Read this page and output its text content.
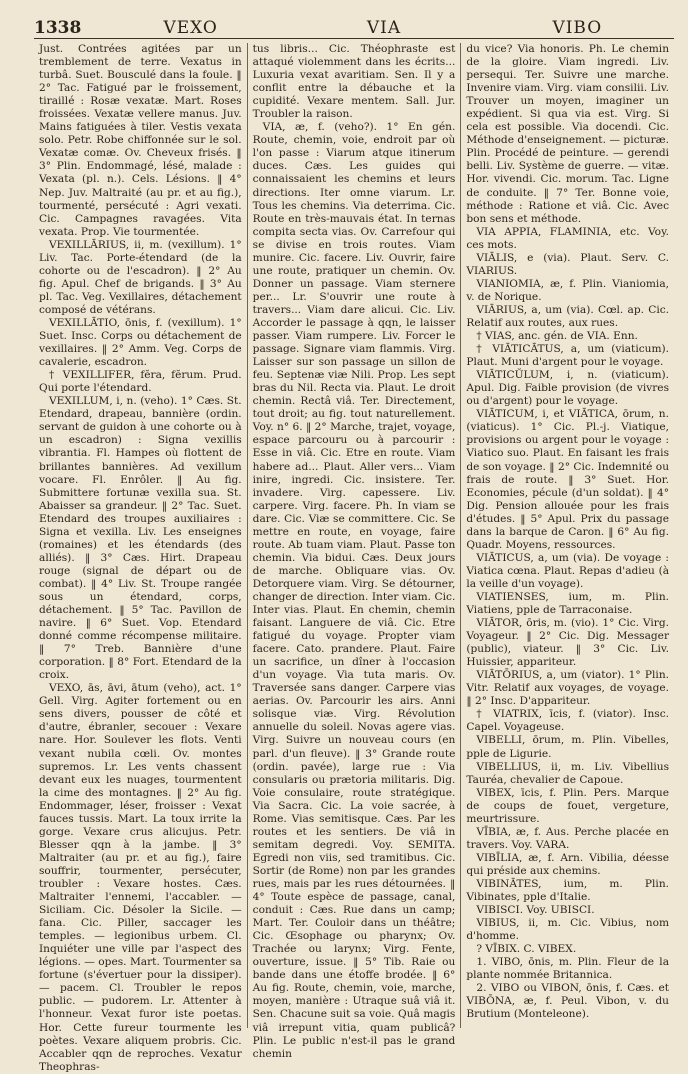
1338	VEXO	VIA	VIBO

Just. Contrées agitées par un tremblement de terre. Vexatus in turbâ. Suet. Bousculé dans la foule. ‖ 2° Tac. Fatigué par le froissement, tiraillé : Rosæ vexatæ. Mart. Roses froissées. Vexatæ vellere manus. Juv. Mains fatiguées à tiler. Vestis vexata solo. Petr. Robe chiffonnée sur le sol. Vexatæ comæ. Ov. Cheveux frisés. ‖ 3° Plin. Endommagé, lésé, malade : Vexata (pl. n.). Cels. Lésions. ‖ 4° Nep. Juv. Maltraité (au pr. et au fig.), tourmenté, persécuté : Agri vexati. Cic. Campagnes ravagées. Vita vexata. Prop. Vie tourmentée.

VEXILLĀRIUS, ii, m. (vexillum). 1° Liv. Tac. Porte-étendard (de la cohorte ou de l'escadron). ‖ 2° Au fig. Apul. Chef de brigands. ‖ 3° Au pl. Tac. Veg. Vexillaires, détachement composé de vétérans.

VEXILLĀTIO, ōnis, f. (vexillum). 1° Suet. Insc. Corps ou détachement de vexillaires. ‖ 2° Amm. Veg. Corps de cavalerie, escadron.

† VEXILLIFER, fĕra, fĕrum. Prud. Qui porte l'étendard.

VEXILLUM, i, n. (veho). 1° Cæs. St. Etendard, drapeau, bannière (ordin. servant de guidon à une cohorte ou à un escadron) : Signa vexillis vibrantia. Fl. Hampes où flottent de brillantes bannières. Ad vexillum vocare. Fl. Enrôler. ‖ Au fig. Submittere fortunæ vexilla sua. St. Abaisser sa grandeur. ‖ 2° Tac. Suet. Etendard des troupes auxiliaires : Signa et vexilla. Liv. Les enseignes (romaines) et les étendards (des alliés). ‖ 3° Cæs. Hirt. Drapeau rouge (signal de départ ou de combat). ‖ 4° Liv. St. Troupe rangée sous un étendard, corps, détachement. ‖ 5° Tac. Pavillon de navire. ‖ 6° Suet. Vop. Etendard donné comme récompense militaire. ‖ 7° Treb. Bannière d'une corporation. ‖ 8° Fort. Etendard de la croix.

VEXO, ās, āvi, ātum (veho), act. 1° Gell. Virg. Agiter fortement ou en sens divers, pousser de côté et d'autre, ébranler, secouer : Vexare nare. Hor. Soulever les flots. Venti vexant nubila cœli. Ov. montes supremos. Lr. Les vents chassent devant eux les nuages, tourmentent la cime des montagnes. ‖ 2° Au fig. Endommager, léser, froisser : Vexat fauces tussis. Mart. La toux irrite la gorge. Vexare crus alicujus. Petr. Blesser qqn à la jambe. ‖ 3° Maltraiter (au pr. et au fig.), faire souffrir, tourmenter, persécuter, troubler : Vexare hostes. Cæs. Maltraiter l'ennemi, l'accabler. — Siciliam. Cic. Désoler la Sicile. — fana. Cic. Piller, saccager les temples. — legionibus urbem. Cl. Inquiéter une ville par l'aspect des légions. — opes. Mart. Tourmenter sa fortune (s'évertuer pour la dissiper). — pacem. Cl. Troubler le repos public. — pudorem. Lr. Attenter à l'honneur. Vexat furor iste poetas. Hor. Cette fureur tourmente les poètes. Vexare aliquem probris. Cic. Accabler qqn de reproches. Vexatur Theophras-

tus libris... Cic. Théophraste est attaqué violemment dans les écrits... Luxuria vexat avaritiam. Sen. Il y a conflit entre la débauche et la cupidité. Vexare mentem. Sall. Jur. Troubler la raison.

VIA, æ, f. (veho?). 1° En gén. Route, chemin, voie, endroit par où l'on passe : Viarum atque itinerum duces. Cæs. Les guides qui connaissaient les chemins et leurs directions. Iter omne viarum. Lr. Tous les chemins. Via deterrima. Cic. Route en très-mauvais état. In ternas compita secta vias. Ov. Carrefour qui se divise en trois routes. Viam munire. Cic. facere. Liv. Ouvrir, faire une route, pratiquer un chemin. Ov. Donner un passage. Viam sternere per... Lr. S'ouvrir une route à travers... Viam dare alicui. Cic. Liv. Accorder le passage à qqn, le laisser passer. Viam rumpere. Liv. Forcer le passage. Signare viam flammis. Virg. Laisser sur son passage un sillon de feu. Septenæ viæ Nili. Prop. Les sept bras du Nil. Recta via. Plaut. Le droit chemin. Rectâ viâ. Ter. Directement, tout droit; au fig. tout naturellement. Voy. n° 6. ‖ 2° Marche, trajet, voyage, espace parcouru ou à parcourir : Esse in viâ. Cic. Etre en route. Viam habere ad... Plaut. Aller vers... Viam inire, ingredi. Cic. insistere. Ter. invadere. Virg. capessere. Liv. carpere. Virg. facere. Ph. In viam se dare. Cic. Viæ se committere. Cic. Se mettre en route, en voyage, faire route. Ab tuam viam. Plaut. Passe ton chemin. Via bidui. Cæs. Deux jours de marche. Obliquare vias. Ov. Detorquere viam. Virg. Se détourner, changer de direction. Inter viam. Cic. Inter vias. Plaut. En chemin, chemin faisant. Languere de viâ. Cic. Etre fatigué du voyage. Propter viam facere. Cato. prandere. Plaut. Faire un sacrifice, un dîner à l'occasion d'un voyage. Via tuta maris. Ov. Traversée sans danger. Carpere vias aerias. Ov. Parcourir les airs. Anni solisque viæ. Virg. Révolution annuelle du soleil. Novas agere vias. Virg. Suivre un nouveau cours (en parl. d'un fleuve). ‖ 3° Grande route (ordin. pavée), large rue : Via consularis ou prætoria militaris. Dig. Voie consulaire, route stratégique. Via Sacra. Cic. La voie sacrée, à Rome. Vias semitisque. Cæs. Par les routes et les sentiers. De viâ in semitam degredi. Voy. SEMITA. Egredi non viis, sed tramitibus. Cic. Sortir (de Rome) non par les grandes rues, mais par les rues détournées. ‖ 4° Toute espèce de passage, canal, conduit : Cæs. Rue dans un camp; Mart. Ter. Couloir dans un théâtre; Cic. Œsophage ou pharynx; Ov. Trachée ou larynx; Virg. Fente, ouverture, issue. ‖ 5° Tib. Raie ou bande dans une étoffe brodée. ‖ 6° Au fig. Route, chemin, voie, marche, moyen, manière : Utraque suâ viâ it. Sen. Chacune suit sa voie. Quâ magis viâ irrepunt vitia, quam publicâ? Plin. Le public n'est-il pas le grand chemin

du vice? Via honoris. Ph. Le chemin de la gloire. Viam ingredi. Liv. persequi. Ter. Suivre une marche. Invenire viam. Virg. viam consilii. Liv. Trouver un moyen, imaginer un expédient. Si qua via est. Virg. Si cela est possible. Via docendi. Cic. Méthode d'enseignement. — picturæ. Plin. Procédé de peinture. — gerendi belli. Liv. Système de guerre. — vitæ. Hor. vivendi. Cic. morum. Tac. Ligne de conduite. ‖ 7° Ter. Bonne voie, méthode : Ratione et viâ. Cic. Avec bon sens et méthode.

VIA APPIA, FLAMINIA, etc. Voy. ces mots.

VIĀLIS, e (via). Plaut. Serv. C. VIARIUS.

VIANIOMIA, æ, f. Plin. Vianiomia, v. de Norique.

VIĀRIUS, a, um (via). Cœl. ap. Cic. Relatif aux routes, aux rues.

† VIAS, anc. gén. de VIA. Enn.

† VIĀTICĀTUS, a, um (viaticum). Plaut. Muni d'argent pour le voyage.

VIĀTICŬLUM, i, n. (viaticum). Apul. Dig. Faible provision (de vivres ou d'argent) pour le voyage.

VIĀTICUM, i, et VIĀTICA, ōrum, n. (viaticus). 1° Cic. Pl.-j. Viatique, provisions ou argent pour le voyage : Viatico suo. Plaut. En faisant les frais de son voyage. ‖ 2° Cic. Indemnité ou frais de route. ‖ 3° Suet. Hor. Economies, pécule (d'un soldat). ‖ 4° Dig. Pension allouée pour les frais d'études. ‖ 5° Apul. Prix du passage dans la barque de Caron. ‖ 6° Au fig. Quadr. Moyens, ressources.

VIĀTICUS, a, um (via). De voyage : Viatica cœna. Plaut. Repas d'adieu (à la veille d'un voyage).

VIATIENSES, ium, m. Plin. Viatiens, pple de Tarraconaise.

VIĀTOR, ōris, m. (vio). 1° Cic. Virg. Voyageur. ‖ 2° Cic. Dig. Messager (public), viateur. ‖ 3° Cic. Liv. Huissier, appariteur.

VIĀTŌRIUS, a, um (viator). 1° Plin. Vitr. Relatif aux voyages, de voyage. ‖ 2° Insc. D'appariteur.

† VIATRIX, īcis, f. (viator). Insc. Capel. Voyageuse.

VIBELLI, ōrum, m. Plin. Vibelles, pple de Ligurie.

VIBELLIUS, ii, m. Liv. Vibellius Tauréa, chevalier de Capoue.

VIBEX, īcis, f. Plin. Pers. Marque de coups de fouet, vergeture, meurtrissure.

VĪBIA, æ, f. Aus. Perche placée en travers. Voy. VARA.

VIBĪLIA, æ, f. Arn. Vibilia, déesse qui préside aux chemins.

VIBINĀTES, ium, m. Plin. Vibinates, pple d'Italie.

VIBISCI. Voy. UBISCI.

VIBIUS, ii, m. Cic. Vibius, nom d'homme.

? VĪBIX. C. VIBEX.

1. VIBO, ōnis, m. Plin. Fleur de la plante nommée Britannica.

2. VIBO ou VIBON, ōnis, f. Cæs. et VIBŌNA, æ, f. Peul. Vibon, v. du Brutium (Monteleone).
